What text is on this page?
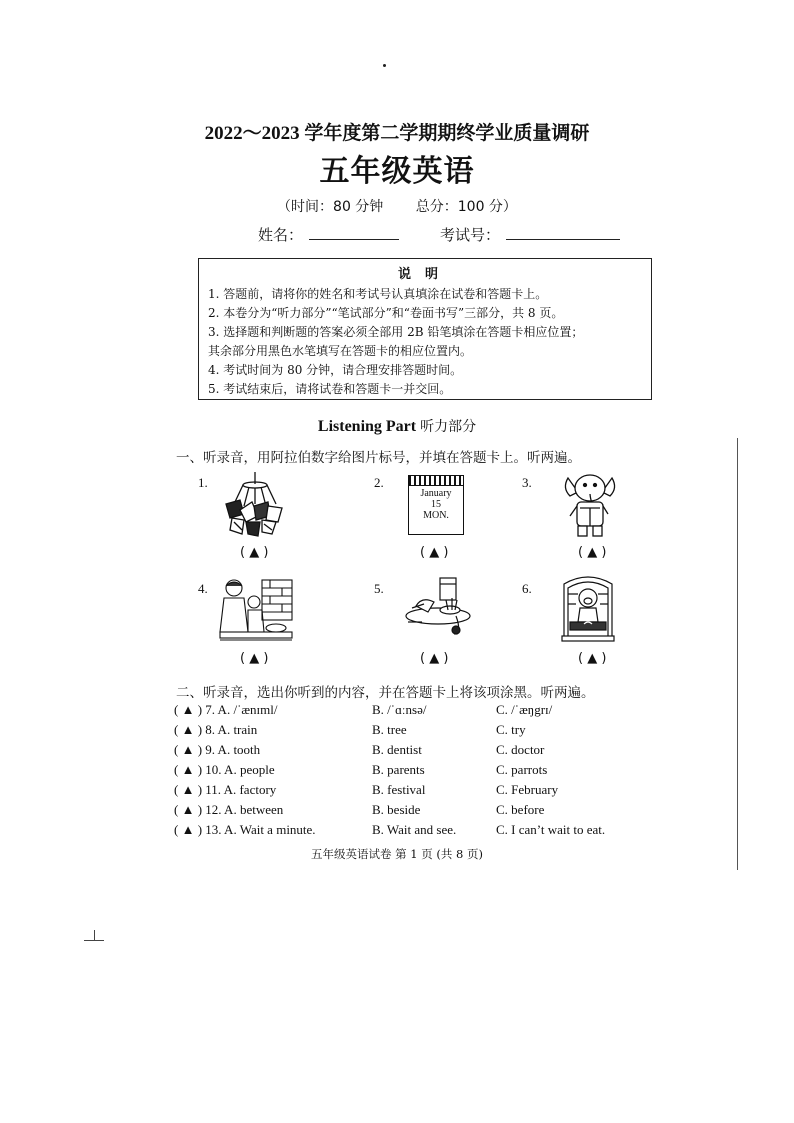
2022～2023 学年度第二学期期终学业质量调研
五年级英语
（时间：80 分钟 总分：100 分）
姓名：	考试号：
说明
1. 答题前，请将你的姓名和考试号认真填涂在试卷和答题卡上。
2. 本卷分为“听力部分”“笔试部分”和“卷面书写”三部分，共 8 页。
3. 选择题和判断题的答案必须全部用 2B 铅笔填涂在答题卡相应位置；
其余部分用黑色水笔填写在答题卡的相应位置内。
4. 考试时间为 80 分钟，请合理安排答题时间。
5. 考试结束后，请将试卷和答题卡一并交回。
Listening Part 听力部分
一、听录音，用阿拉伯数字给图片标号，并填在答题卡上。听两遍。
1.
( ▲ )
2.
January
15
MON.
( ▲ )
3.
( ▲ )
4.
( ▲ )
5.
( ▲ )
6.
( ▲ )
二、听录音，选出你听到的内容，并在答题卡上将该项涂黑。听两遍。
( ▲ ) 7. A. /ˈænɪml/	B. /ˈɑːnsə/	C. /ˈæŋgrɪ/
( ▲ ) 8. A. train	B. tree	C. try
( ▲ ) 9. A. tooth	B. dentist	C. doctor
( ▲ ) 10. A. people	B. parents	C. parrots
( ▲ ) 11. A. factory	B. festival	C. February
( ▲ ) 12. A. between	B. beside	C. before
( ▲ ) 13. A. Wait a minute.	B. Wait and see.	C. I can’t wait to eat.
五年级英语试卷 第 1 页 (共 8 页)
